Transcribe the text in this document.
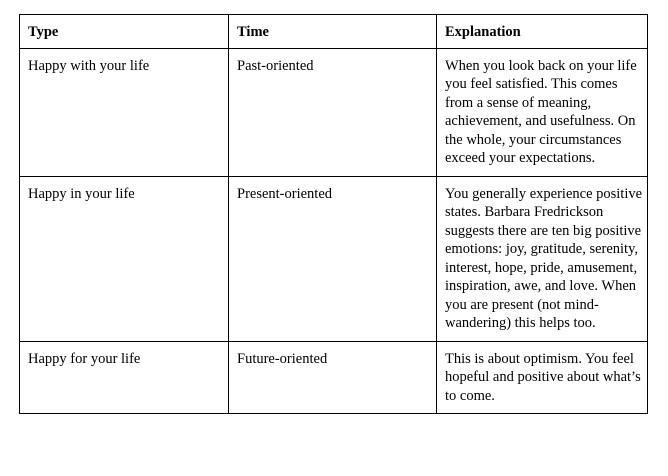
Type	Time	Explanation
Happy with your life	Past-oriented	When you look back on your life you feel satisfied. This comes from a sense of meaning, achievement, and usefulness. On the whole, your circumstances exceed your expectations.
Happy in your life	Present-oriented	You generally experience positive states. Barbara Fredrickson suggests there are ten big positive emotions: joy, gratitude, serenity, interest, hope, pride, amusement, inspiration, awe, and love. When you are present (not mind-wandering) this helps too.
Happy for your life	Future-oriented	This is about optimism. You feel hopeful and positive about what’s to come.
